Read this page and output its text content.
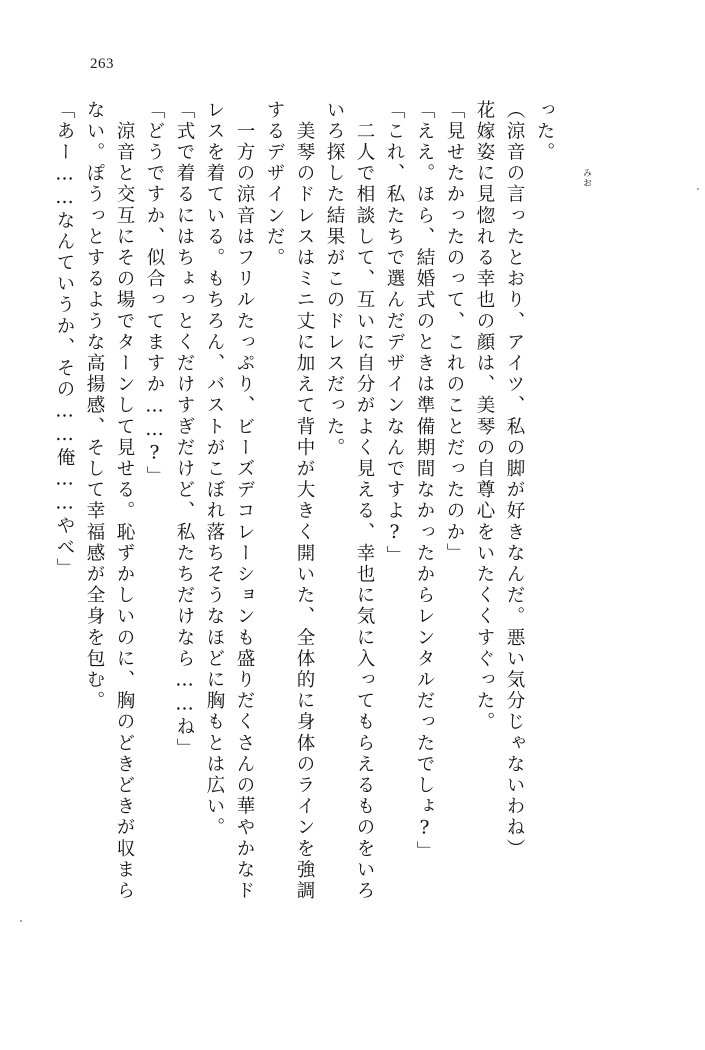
263
「あー……なんていうか、その……俺……やべ」 ない。ぽうっとするような高揚感、そして幸福感が全身を包む。 　涼音と交互にその場でターンして見せる。恥ずかしいのに、胸のどきどきが収まら 「どうですか、似合ってますか……?」 「式で着るにはちょっとくだけすぎだけど、私たちだけなら……ね」 レスを着ている。もちろん、バストがこぼれ落ちそうなほどに胸もとは広い。 　一方の涼音はフリルたっぷり、ビーズデコレーションも盛りだくさんの華やかなド するデザインだ。 　美琴のドレスはミニ丈に加えて背中が大きく開いた、全体的に身体のラインを強調 いろ探した結果がこのドレスだった。 　二人で相談して、互いに自分がよく見える、幸也に気に入ってもらえるものをいろ 「これ、私たちで選んだデザインなんですよ?」 「ええ。ほら、結婚式のときは準備期間なかったからレンタルだったでしょ?」 「見せたかったのって、これのことだったのか」 花嫁姿に見惚れる幸也の顔は、美琴の自尊心をいたくくすぐった。 （涼音の言ったとおり、アイツ、私の脚が好きなんだ。悪い気分じゃないわね） った。
みお
